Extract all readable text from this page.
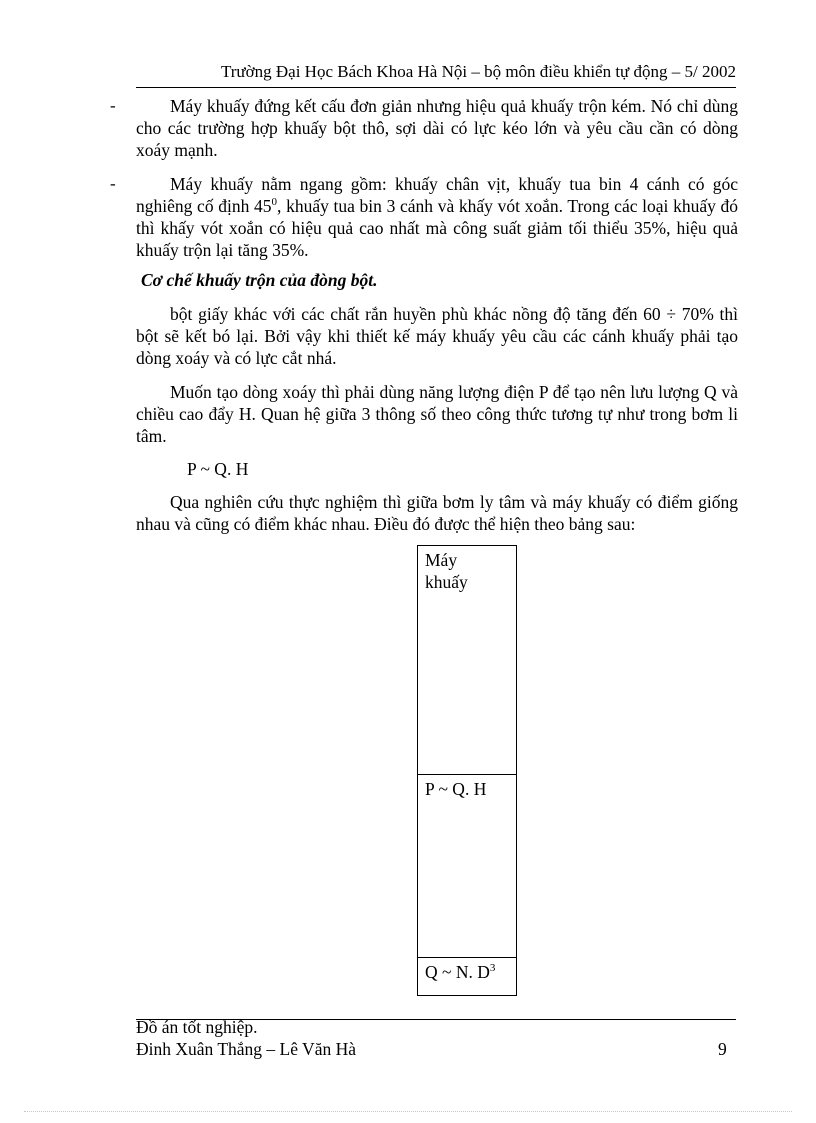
Trường Đại Học Bách Khoa Hà Nội – bộ môn điều khiển tự động – 5/ 2002
-	Máy khuấy đứng kết cấu đơn giản nhưng hiệu quả khuấy trộn kém. Nó chỉ dùng cho các trường hợp khuấy bột thô, sợi dài có lực kéo lớn và yêu cầu cần có dòng xoáy mạnh.

-	Máy khuấy nằm ngang gồm: khuấy chân vịt, khuấy tua bin 4 cánh có góc nghiêng cố định $45^0$, khuấy tua bin 3 cánh và khấy vót xoắn. Trong các loại khuấy đó thì khấy vót xoắn có hiệu quả cao nhất mà công suất giảm tối thiểu 35%, hiệu quả khuấy trộn lại tăng 35%.

Cơ chế khuấy trộn của đòng bột.

bột giấy khác với các chất rắn huyền phù khác nồng độ tăng đến 60 ÷ 70% thì bột sẽ kết bó lại. Bởi vậy khi thiết kế máy khuấy yêu cầu các cánh khuấy phải tạo dòng xoáy và có lực cắt nhá.

Muốn tạo dòng xoáy thì phải dùng năng lượng điện P để tạo nên lưu lượng Q và chiều cao đẩy H. Quan hệ giữa 3 thông số theo công thức tương tự như trong bơm li tâm.

P ~ Q. H

Qua nghiên cứu thực nghiệm thì giữa bơm ly tâm và máy khuấy có điểm giống nhau và cũng có điểm khác nhau. Điều đó được thể hiện theo bảng sau:

Máy khuấy
P ~ Q. H
Q ~ N. $D^3$
Đồ án tốt nghiệp.
Đinh Xuân Thắng – Lê Văn Hà	9
